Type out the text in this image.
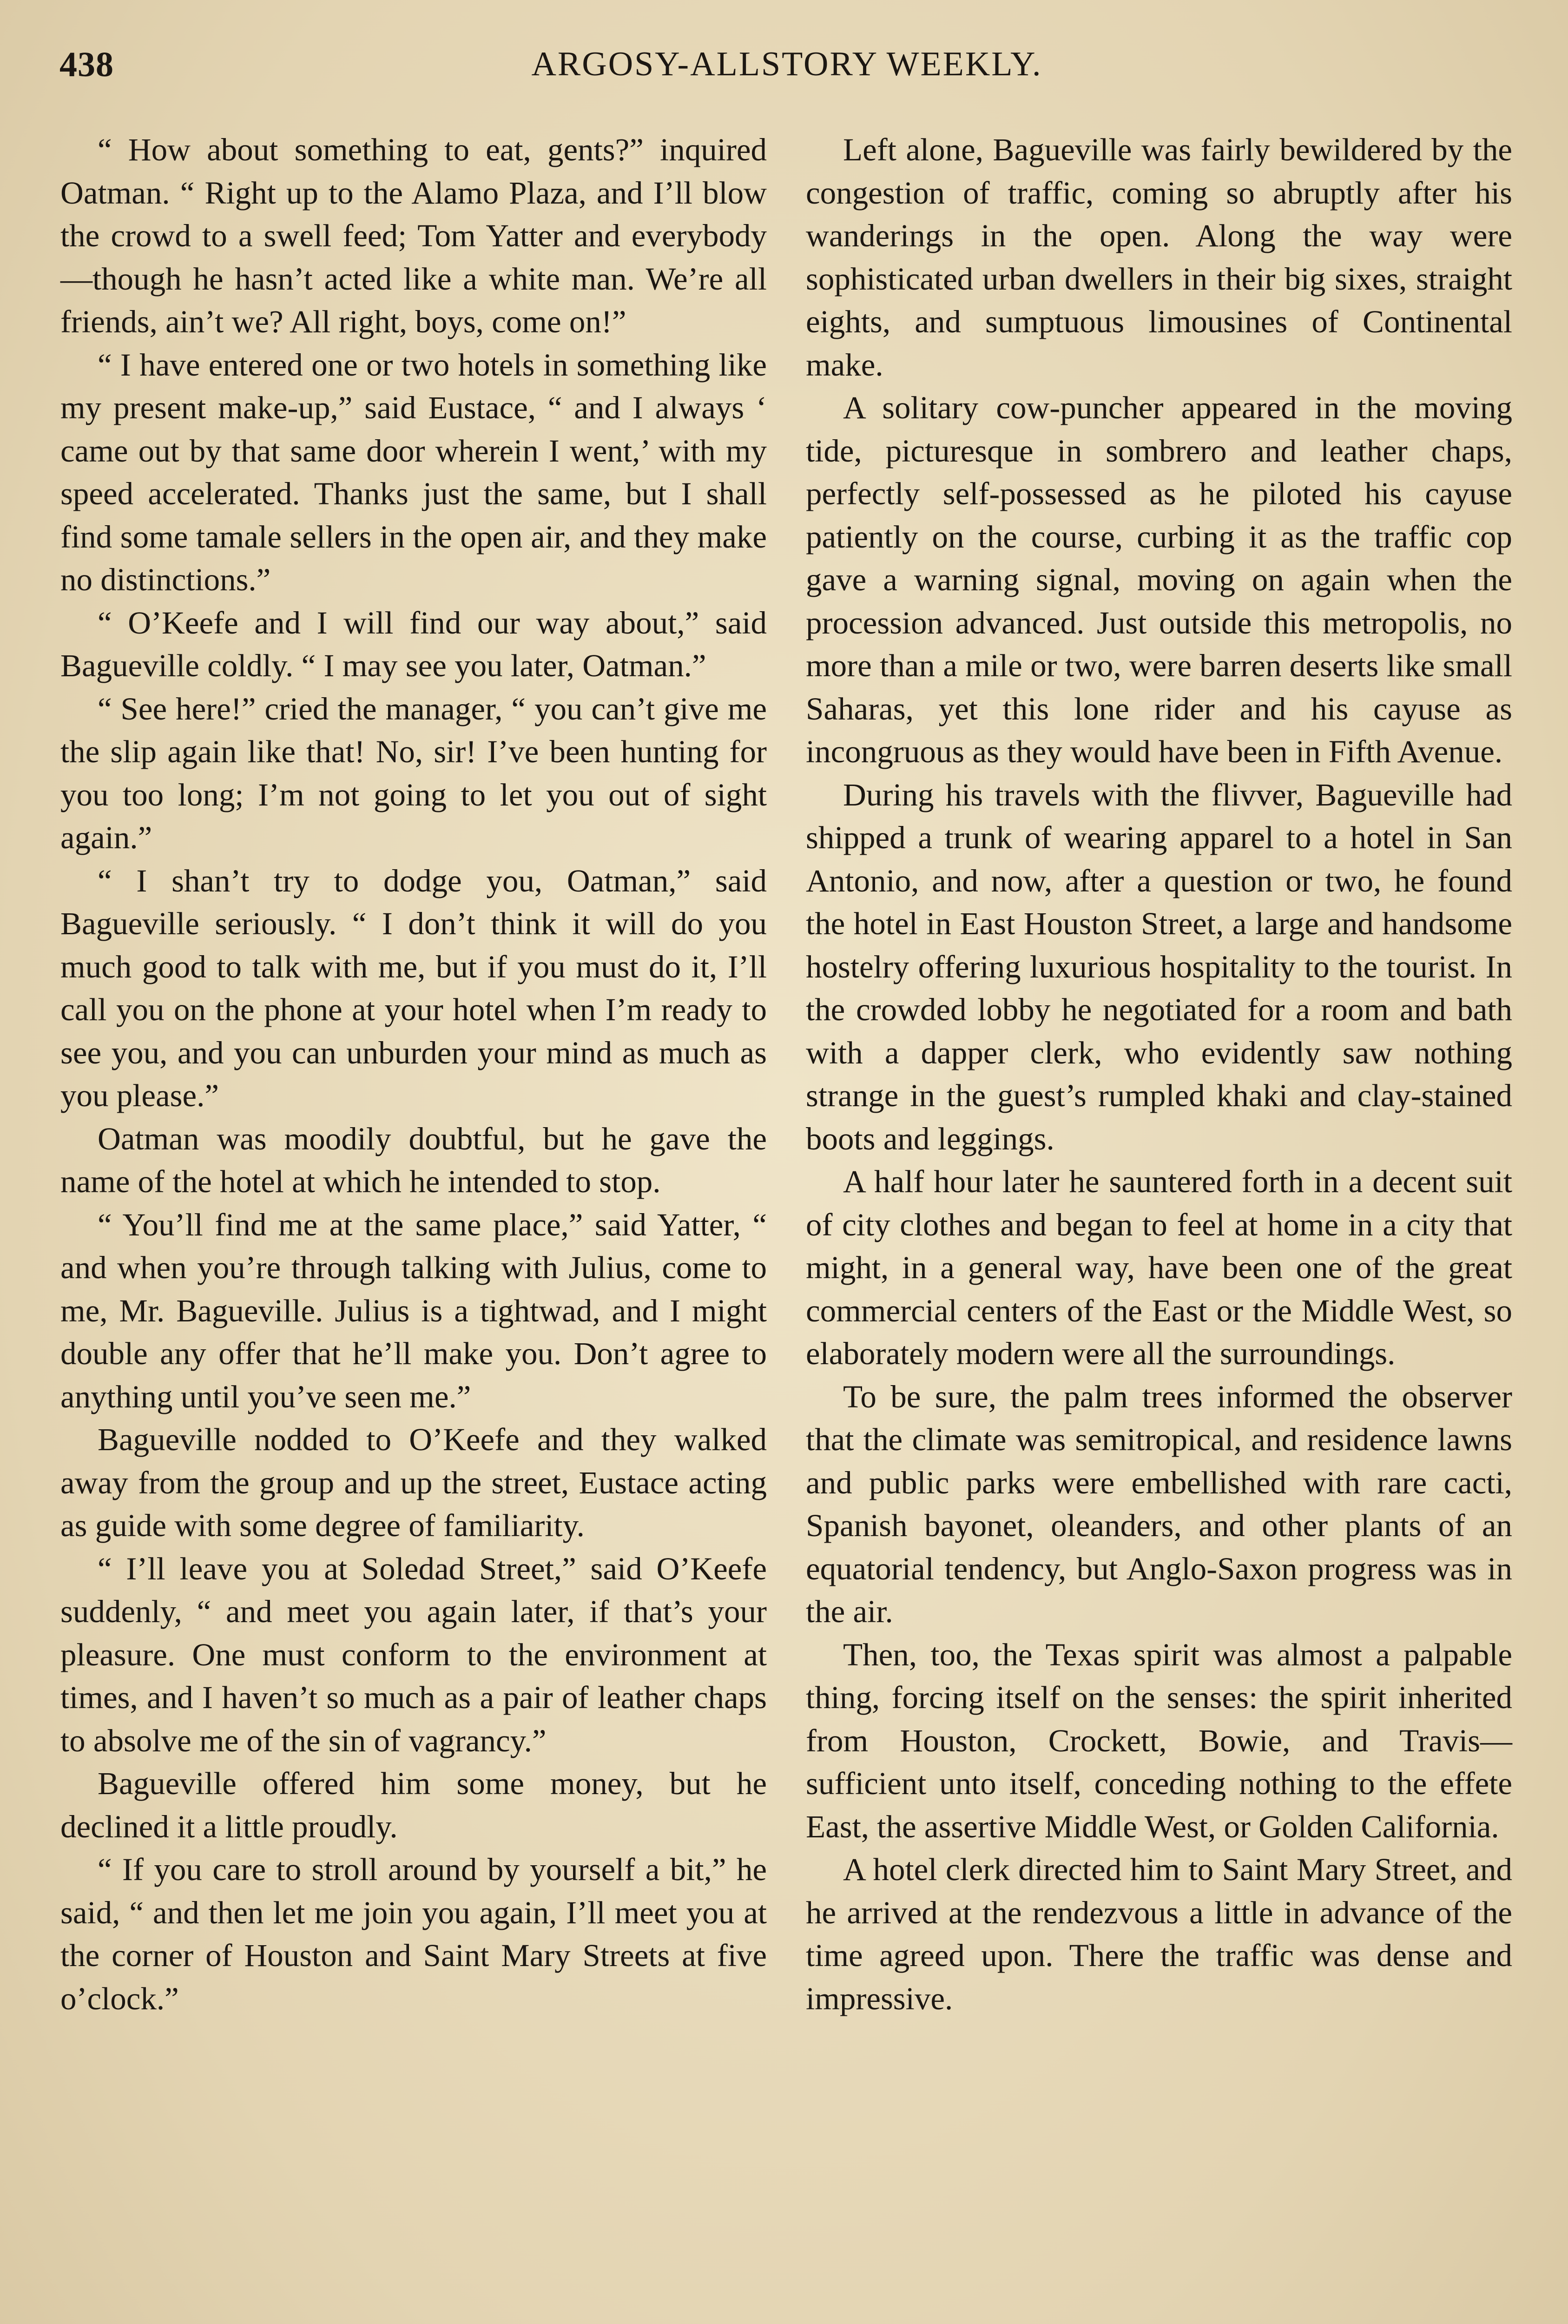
438	ARGOSY-ALLSTORY WEEKLY.

“ How about something to eat, gents?” inquired Oatman. “ Right up to the Alamo Plaza, and I’ll blow the crowd to a swell feed; Tom Yatter and everybody—though he hasn’t acted like a white man. We’re all friends, ain’t we? All right, boys, come on!”

“ I have entered one or two hotels in something like my present make-up,” said Eustace, “ and I always ‘ came out by that same door wherein I went,’ with my speed accelerated. Thanks just the same, but I shall find some tamale sellers in the open air, and they make no distinctions.”

“ O’Keefe and I will find our way about,” said Bagueville coldly. “ I may see you later, Oatman.”

“ See here!” cried the manager, “ you can’t give me the slip again like that! No, sir! I’ve been hunting for you too long; I’m not going to let you out of sight again.”

“ I shan’t try to dodge you, Oatman,” said Bagueville seriously. “ I don’t think it will do you much good to talk with me, but if you must do it, I’ll call you on the phone at your hotel when I’m ready to see you, and you can unburden your mind as much as you please.”

Oatman was moodily doubtful, but he gave the name of the hotel at which he intended to stop.

“ You’ll find me at the same place,” said Yatter, “ and when you’re through talking with Julius, come to me, Mr. Bagueville. Julius is a tightwad, and I might double any offer that he’ll make you. Don’t agree to anything until you’ve seen me.”

Bagueville nodded to O’Keefe and they walked away from the group and up the street, Eustace acting as guide with some degree of familiarity.

“ I’ll leave you at Soledad Street,” said O’Keefe suddenly, “ and meet you again later, if that’s your pleasure. One must conform to the environment at times, and I haven’t so much as a pair of leather chaps to absolve me of the sin of vagrancy.”

Bagueville offered him some money, but he declined it a little proudly.

“ If you care to stroll around by yourself a bit,” he said, “ and then let me join you again, I’ll meet you at the corner of Houston and Saint Mary Streets at five o’clock.”

Left alone, Bagueville was fairly bewildered by the congestion of traffic, coming so abruptly after his wanderings in the open. Along the way were sophisticated urban dwellers in their big sixes, straight eights, and sumptuous limousines of Continental make.

A solitary cow-puncher appeared in the moving tide, picturesque in sombrero and leather chaps, perfectly self-possessed as he piloted his cayuse patiently on the course, curbing it as the traffic cop gave a warning signal, moving on again when the procession advanced. Just outside this metropolis, no more than a mile or two, were barren deserts like small Saharas, yet this lone rider and his cayuse as incongruous as they would have been in Fifth Avenue.

During his travels with the flivver, Bagueville had shipped a trunk of wearing apparel to a hotel in San Antonio, and now, after a question or two, he found the hotel in East Houston Street, a large and handsome hostelry offering luxurious hospitality to the tourist. In the crowded lobby he negotiated for a room and bath with a dapper clerk, who evidently saw nothing strange in the guest’s rumpled khaki and clay-stained boots and leggings.

A half hour later he sauntered forth in a decent suit of city clothes and began to feel at home in a city that might, in a general way, have been one of the great commercial centers of the East or the Middle West, so elaborately modern were all the surroundings.

To be sure, the palm trees informed the observer that the climate was semitropical, and residence lawns and public parks were embellished with rare cacti, Spanish bayonet, oleanders, and other plants of an equatorial tendency, but Anglo-Saxon progress was in the air.

Then, too, the Texas spirit was almost a palpable thing, forcing itself on the senses: the spirit inherited from Houston, Crockett, Bowie, and Travis—sufficient unto itself, conceding nothing to the effete East, the assertive Middle West, or Golden California.

A hotel clerk directed him to Saint Mary Street, and he arrived at the rendezvous a little in advance of the time agreed upon. There the traffic was dense and impressive.
